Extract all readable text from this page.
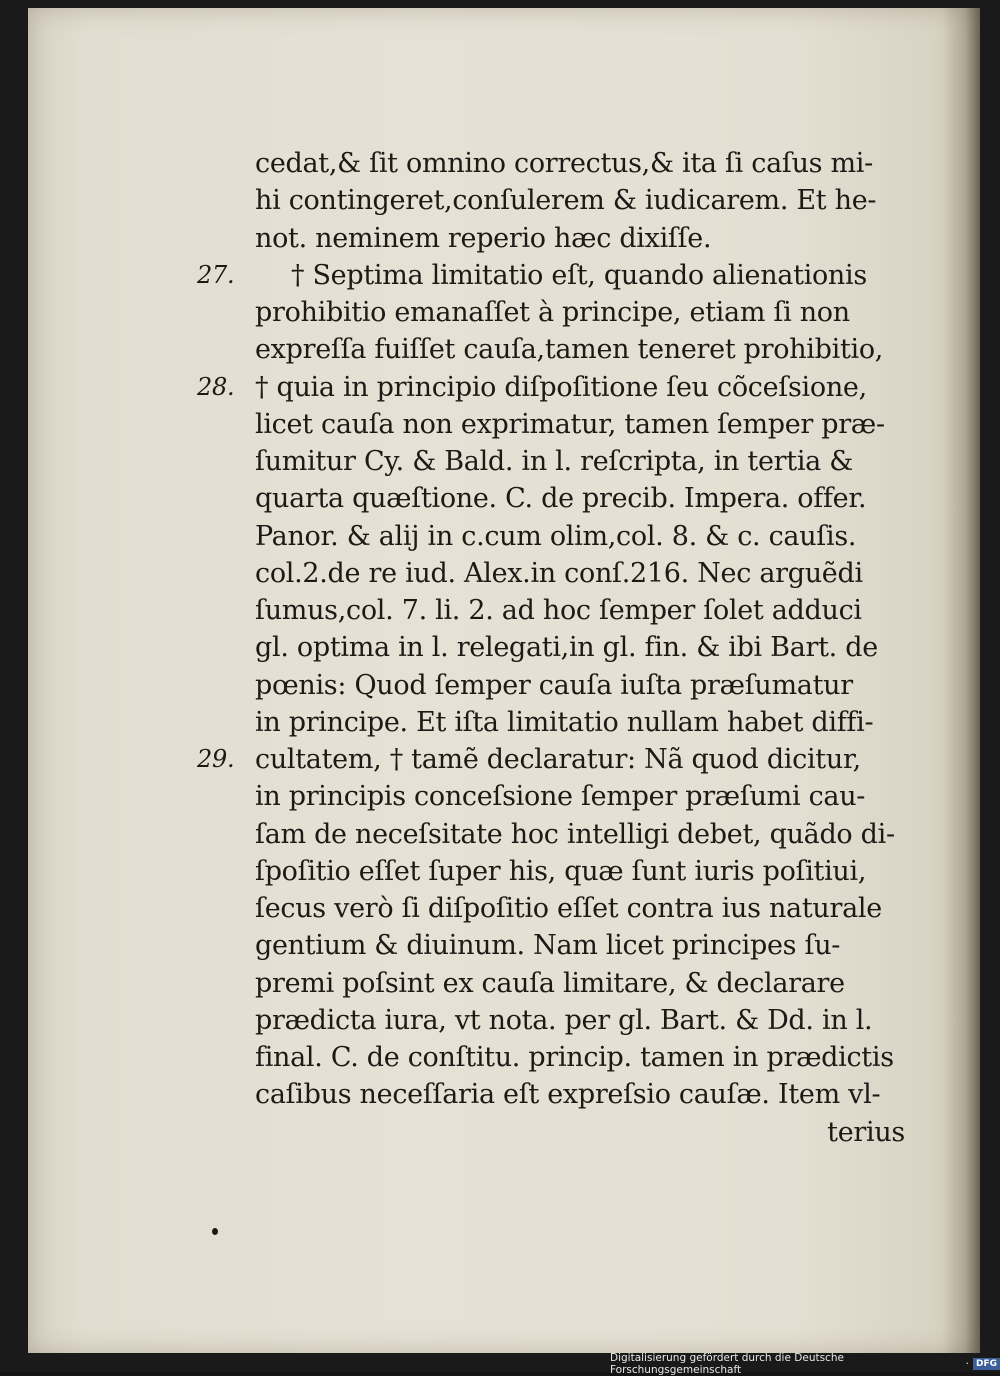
cedat,& ſit omnino correctus,& ita ſi caſus mi-
hi contingeret,conſulerem & iudicarem. Et he-
not. neminem reperio hæc dixiſſe.
27. † Septima limitatio eſt, quando alienationis
prohibitio emanaſſet à principe, etiam ſi non
expreſſa fuiſſet cauſa,tamen teneret prohibitio,
28. † quia in principio diſpoſitione ſeu cõceſsione,
licet cauſa non exprimatur, tamen ſemper præ-
ſumitur Cy. & Bald. in l. reſcripta, in tertia &
quarta quæſtione. C. de precib. Impera. offer.
Panor. & alij in c.cum olim,col. 8. & c. cauſis.
col.2.de re iud. Alex.in conſ.216. Nec arguẽdi
ſumus,col. 7. li. 2. ad hoc ſemper ſolet adduci
gl. optima in l. relegati,in gl. fin. & ibi Bart. de
pœnis: Quod ſemper cauſa iuſta præſumatur
in principe. Et iſta limitatio nullam habet diffi-
29. cultatem, † tamẽ declaratur: Nã quod dicitur,
in principis conceſsione ſemper præſumi cau-
ſam de neceſsitate hoc intelligi debet, quãdo di-
ſpoſitio eſſet ſuper his, quæ ſunt iuris poſitiui,
ſecus verò ſi diſpoſitio eſſet contra ius naturale
gentium & diuinum. Nam licet principes ſu-
premi poſsint ex cauſa limitare, & declarare
prædicta iura, vt nota. per gl. Bart. & Dd. in l.
final. C. de conſtitu. princip. tamen in prædictis
caſibus neceſſaria eſt expreſsio cauſæ. Item vl-
terius
Digitalisierung gefördert durch die Deutsche Forschungsgemeinschaft	· DFG
